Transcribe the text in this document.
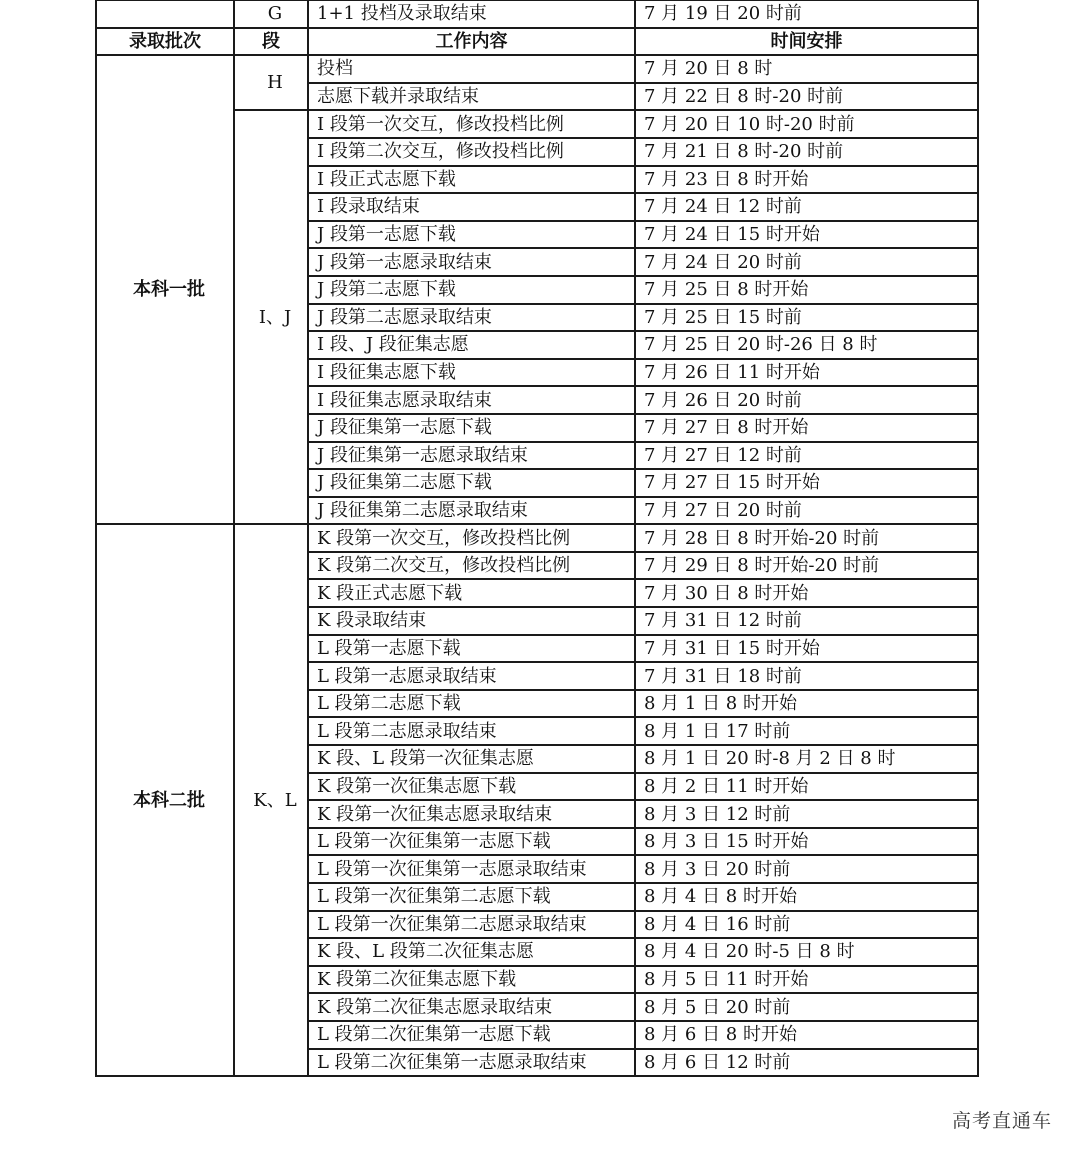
	G	1+1 投档及录取结束	7 月 19 日 20 时前
录取批次	段	工作内容	时间安排
本科一批	H	投档	7 月 20 日 8 时
		志愿下载并录取结束	7 月 22 日 8 时-20 时前
	I、J	I 段第一次交互，修改投档比例	7 月 20 日 10 时-20 时前
		I 段第二次交互，修改投档比例	7 月 21 日 8 时-20 时前
		I 段正式志愿下载	7 月 23 日 8 时开始
		I 段录取结束	7 月 24 日 12 时前
		J 段第一志愿下载	7 月 24 日 15 时开始
		J 段第一志愿录取结束	7 月 24 日 20 时前
		J 段第二志愿下载	7 月 25 日 8 时开始
		J 段第二志愿录取结束	7 月 25 日 15 时前
		I 段、J 段征集志愿	7 月 25 日 20 时-26 日 8 时
		I 段征集志愿下载	7 月 26 日 11 时开始
		I 段征集志愿录取结束	7 月 26 日 20 时前
		J 段征集第一志愿下载	7 月 27 日 8 时开始
		J 段征集第一志愿录取结束	7 月 27 日 12 时前
		J 段征集第二志愿下载	7 月 27 日 15 时开始
		J 段征集第二志愿录取结束	7 月 27 日 20 时前
本科二批	K、L	K 段第一次交互，修改投档比例	7 月 28 日 8 时开始-20 时前
		K 段第二次交互，修改投档比例	7 月 29 日 8 时开始-20 时前
		K 段正式志愿下载	7 月 30 日 8 时开始
		K 段录取结束	7 月 31 日 12 时前
		L 段第一志愿下载	7 月 31 日 15 时开始
		L 段第一志愿录取结束	7 月 31 日 18 时前
		L 段第二志愿下载	8 月 1 日 8 时开始
		L 段第二志愿录取结束	8 月 1 日 17 时前
		K 段、L 段第一次征集志愿	8 月 1 日 20 时-8 月 2 日 8 时
		K 段第一次征集志愿下载	8 月 2 日 11 时开始
		K 段第一次征集志愿录取结束	8 月 3 日 12 时前
		L 段第一次征集第一志愿下载	8 月 3 日 15 时开始
		L 段第一次征集第一志愿录取结束	8 月 3 日 20 时前
		L 段第一次征集第二志愿下载	8 月 4 日 8 时开始
		L 段第一次征集第二志愿录取结束	8 月 4 日 16 时前
		K 段、L 段第二次征集志愿	8 月 4 日 20 时-5 日 8 时
		K 段第二次征集志愿下载	8 月 5 日 11 时开始
		K 段第二次征集志愿录取结束	8 月 5 日 20 时前
		L 段第二次征集第一志愿下载	8 月 6 日 8 时开始
		L 段第二次征集第一志愿录取结束	8 月 6 日 12 时前
高考直通车
